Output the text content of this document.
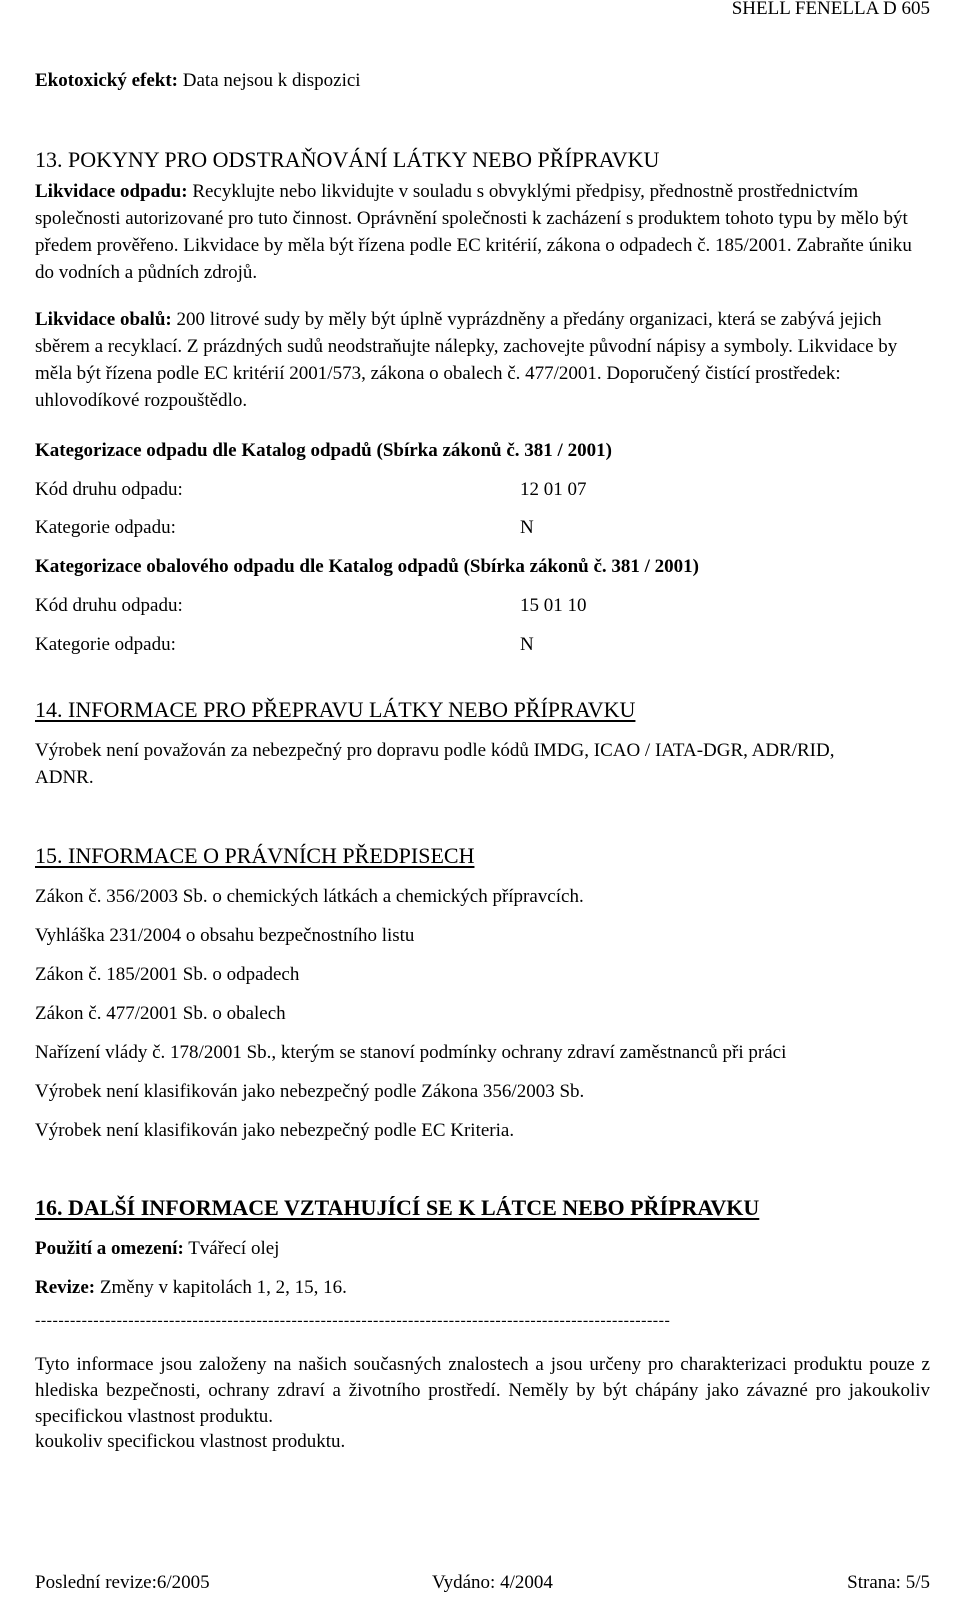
SHELL FENELLA D 605
Ekotoxický efekt: Data nejsou k dispozici
13. POKYNY PRO ODSTRAŇOVÁNÍ LÁTKY NEBO PŘÍPRAVKU
Likvidace odpadu: Recyklujte nebo likvidujte v souladu s obvyklými předpisy, přednostně prostřednictvím společnosti autorizované pro tuto činnost. Oprávnění společnosti k zacházení s produktem tohoto typu by mělo být předem prověřeno. Likvidace by měla být řízena podle EC kritérií, zákona o odpadech č. 185/2001. Zabraňte úniku do vodních a půdních zdrojů.
Likvidace obalů: 200 litrové sudy by měly být úplně vyprázdněny a předány organizaci, která se zabývá jejich sběrem a recyklací. Z prázdných sudů neodstraňujte nálepky, zachovejte původní nápisy a symboly. Likvidace by měla být řízena podle EC kritérií 2001/573, zákona o obalech č. 477/2001. Doporučený čistící prostředek: uhlovodíkové rozpouštědlo.
Kategorizace odpadu dle Katalog odpadů (Sbírka zákonů č. 381 / 2001)
Kód druhu odpadu:	12 01 07
Kategorie odpadu:	N
Kategorizace obalového odpadu dle Katalog odpadů (Sbírka zákonů č. 381 / 2001)
Kód druhu odpadu:	15 01 10
Kategorie odpadu:	N
14. INFORMACE PRO PŘEPRAVU LÁTKY NEBO PŘÍPRAVKU
Výrobek není považován za nebezpečný pro dopravu podle kódů IMDG, ICAO / IATA-DGR, ADR/RID, ADNR.
15. INFORMACE O PRÁVNÍCH PŘEDPISECH
Zákon č. 356/2003 Sb. o chemických látkách a chemických přípravcích.
Vyhláška 231/2004 o obsahu bezpečnostního listu
Zákon č. 185/2001 Sb. o odpadech
Zákon č. 477/2001 Sb. o obalech
Nařízení vlády č. 178/2001 Sb., kterým se stanoví podmínky ochrany zdraví zaměstnanců při práci
Výrobek není klasifikován jako nebezpečný podle Zákona 356/2003 Sb.
Výrobek není klasifikován jako nebezpečný podle EC Kriteria.
16. DALŠÍ INFORMACE VZTAHUJÍCÍ SE K LÁTCE NEBO PŘÍPRAVKU
Použití a omezení: Tvářecí olej
Revize: Změny v kapitolách 1, 2, 15, 16.
-------------------------------------------------------------------------------------------------------------
Tyto informace jsou založeny na našich současných znalostech a jsou určeny pro charakterizaci produktu pouze z hlediska bezpečnosti, ochrany zdraví a životního prostředí. Neměly by být chápány jako závazné pro jakoukoliv specifickou vlastnost produktu.
koukoliv specifickou vlastnost produktu.
Poslední revize:6/2005	Vydáno: 4/2004	Strana: 5/5
